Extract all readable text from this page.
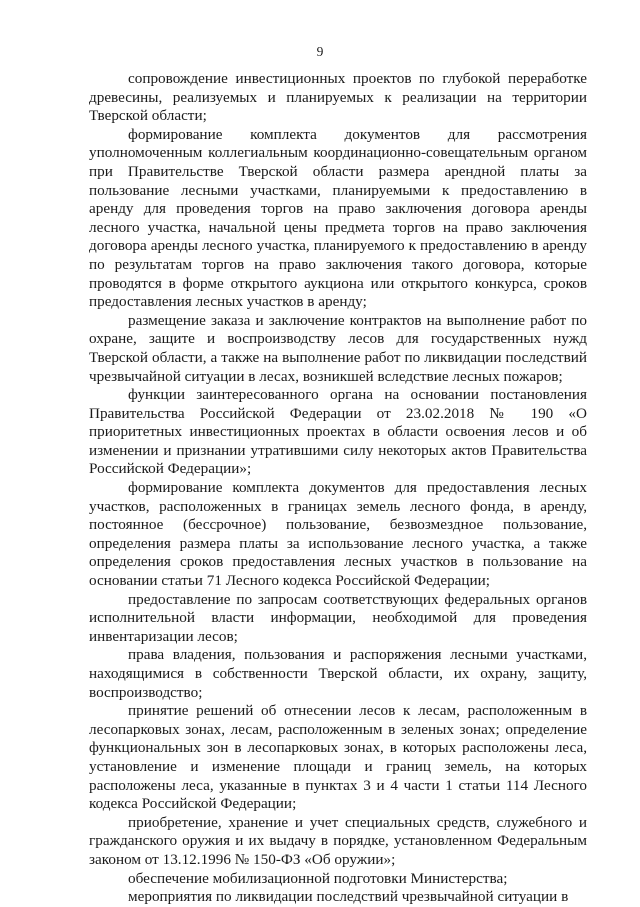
9

сопровождение инвестиционных проектов по глубокой переработке древесины, реализуемых и планируемых к реализации на территории Тверской области;

формирование комплекта документов для рассмотрения уполномоченным коллегиальным координационно-совещательным органом при Правительстве Тверской области размера арендной платы за пользование лесными участками, планируемыми к предоставлению в аренду для проведения торгов на право заключения договора аренды лесного участка, начальной цены предмета торгов на право заключения договора аренды лесного участка, планируемого к предоставлению в аренду по результатам торгов на право заключения такого договора, которые проводятся в форме открытого аукциона или открытого конкурса, сроков предоставления лесных участков в аренду;

размещение заказа и заключение контрактов на выполнение работ по охране, защите и воспроизводству лесов для государственных нужд Тверской области, а также на выполнение работ по ликвидации последствий чрезвычайной ситуации в лесах, возникшей вследствие лесных пожаров;

функции заинтересованного органа на основании постановления Правительства Российской Федерации от 23.02.2018 № 190 «О приоритетных инвестиционных проектах в области освоения лесов и об изменении и признании утратившими силу некоторых актов Правительства Российской Федерации»;

формирование комплекта документов для предоставления лесных участков, расположенных в границах земель лесного фонда, в аренду, постоянное (бессрочное) пользование, безвозмездное пользование, определения размера платы за использование лесного участка, а также определения сроков предоставления лесных участков в пользование на основании статьи 71 Лесного кодекса Российской Федерации;

предоставление по запросам соответствующих федеральных органов исполнительной власти информации, необходимой для проведения инвентаризации лесов;

права владения, пользования и распоряжения лесными участками, находящимися в собственности Тверской области, их охрану, защиту, воспроизводство;

принятие решений об отнесении лесов к лесам, расположенным в лесопарковых зонах, лесам, расположенным в зеленых зонах; определение функциональных зон в лесопарковых зонах, в которых расположены леса, установление и изменение площади и границ земель, на которых расположены леса, указанные в пунктах 3 и 4 части 1 статьи 114 Лесного кодекса Российской Федерации;

приобретение, хранение и учет специальных средств, служебного и гражданского оружия и их выдачу в порядке, установленном Федеральным законом от 13.12.1996 № 150-ФЗ «Об оружии»;

обеспечение мобилизационной подготовки Министерства;

мероприятия по ликвидации последствий чрезвычайной ситуации в
